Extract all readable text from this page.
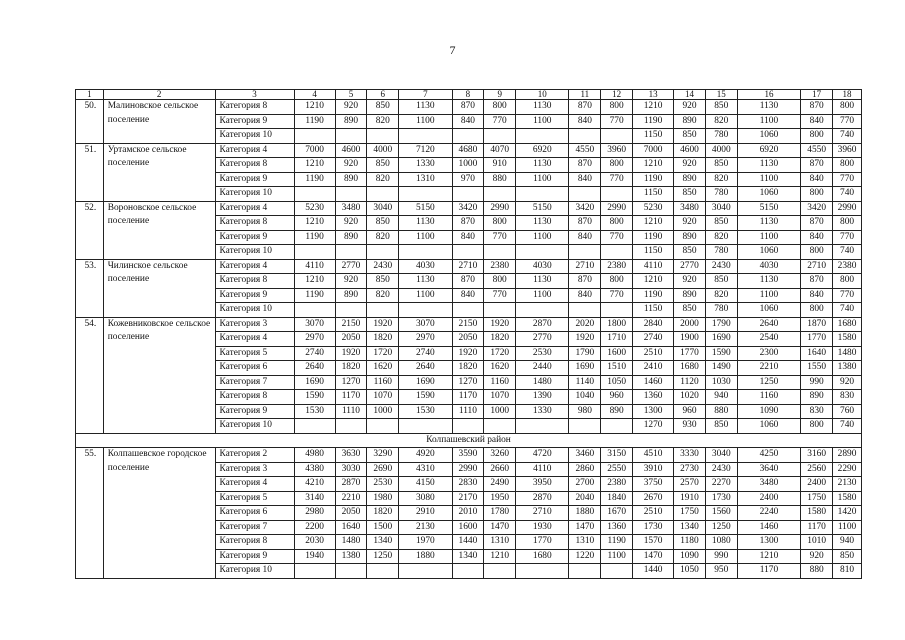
7
1	2	3	4	5	6	7	8	9	10	11	12	13	14	15	16	17	18
50.	Малиновское сельское поселение	Категория 8	1210	920	850	1130	870	800	1130	870	800	1210	920	850	1130	870	800
		Категория 9	1190	890	820	1100	840	770	1100	840	770	1190	890	820	1100	840	770
		Категория 10										1150	850	780	1060	800	740
51.	Уртамское сельское поселение	Категория 4	7000	4600	4000	7120	4680	4070	6920	4550	3960	7000	4600	4000	6920	4550	3960
		Категория 8	1210	920	850	1330	1000	910	1130	870	800	1210	920	850	1130	870	800
		Категория 9	1190	890	820	1310	970	880	1100	840	770	1190	890	820	1100	840	770
		Категория 10										1150	850	780	1060	800	740
52.	Вороновское сельское поселение	Категория 4	5230	3480	3040	5150	3420	2990	5150	3420	2990	5230	3480	3040	5150	3420	2990
		Категория 8	1210	920	850	1130	870	800	1130	870	800	1210	920	850	1130	870	800
		Категория 9	1190	890	820	1100	840	770	1100	840	770	1190	890	820	1100	840	770
		Категория 10										1150	850	780	1060	800	740
53.	Чилинское сельское поселение	Категория 4	4110	2770	2430	4030	2710	2380	4030	2710	2380	4110	2770	2430	4030	2710	2380
		Категория 8	1210	920	850	1130	870	800	1130	870	800	1210	920	850	1130	870	800
		Категория 9	1190	890	820	1100	840	770	1100	840	770	1190	890	820	1100	840	770
		Категория 10										1150	850	780	1060	800	740
54.	Кожевниковское сельское поселение	Категория 3	3070	2150	1920	3070	2150	1920	2870	2020	1800	2840	2000	1790	2640	1870	1680
		Категория 4	2970	2050	1820	2970	2050	1820	2770	1920	1710	2740	1900	1690	2540	1770	1580
		Категория 5	2740	1920	1720	2740	1920	1720	2530	1790	1600	2510	1770	1590	2300	1640	1480
		Категория 6	2640	1820	1620	2640	1820	1620	2440	1690	1510	2410	1680	1490	2210	1550	1380
		Категория 7	1690	1270	1160	1690	1270	1160	1480	1140	1050	1460	1120	1030	1250	990	920
		Категория 8	1590	1170	1070	1590	1170	1070	1390	1040	960	1360	1020	940	1160	890	830
		Категория 9	1530	1110	1000	1530	1110	1000	1330	980	890	1300	960	880	1090	830	760
		Категория 10										1270	930	850	1060	800	740
Колпашевский район																	
55.	Колпашевское городское поселение	Категория 2	4980	3630	3290	4920	3590	3260	4720	3460	3150	4510	3330	3040	4250	3160	2890
		Категория 3	4380	3030	2690	4310	2990	2660	4110	2860	2550	3910	2730	2430	3640	2560	2290
		Категория 4	4210	2870	2530	4150	2830	2490	3950	2700	2380	3750	2570	2270	3480	2400	2130
		Категория 5	3140	2210	1980	3080	2170	1950	2870	2040	1840	2670	1910	1730	2400	1750	1580
		Категория 6	2980	2050	1820	2910	2010	1780	2710	1880	1670	2510	1750	1560	2240	1580	1420
		Категория 7	2200	1640	1500	2130	1600	1470	1930	1470	1360	1730	1340	1250	1460	1170	1100
		Категория 8	2030	1480	1340	1970	1440	1310	1770	1310	1190	1570	1180	1080	1300	1010	940
		Категория 9	1940	1380	1250	1880	1340	1210	1680	1220	1100	1470	1090	990	1210	920	850
		Категория 10										1440	1050	950	1170	880	810
